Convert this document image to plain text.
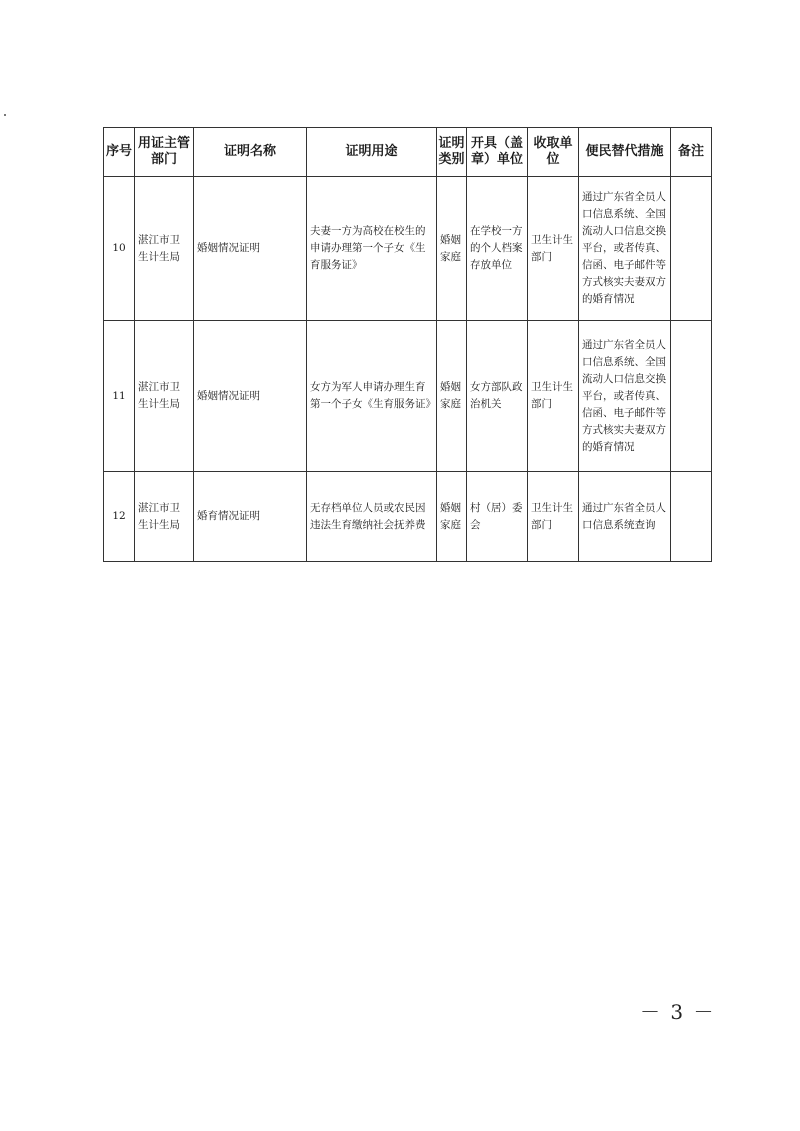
序号	用证主管部门	证明名称	证明用途	证明类别	开具（盖章）单位	收取单位	便民替代措施	备注
10	湛江市卫生计生局	婚姻情况证明	夫妻一方为高校在校生的申请办理第一个子女《生育服务证》	婚姻家庭	在学校一方的个人档案存放单位	卫生计生部门	通过广东省全员人口信息系统、全国流动人口信息交换平台，或者传真、信函、电子邮件等方式核实夫妻双方的婚育情况	
11	湛江市卫生计生局	婚姻情况证明	女方为军人申请办理生育第一个子女《生育服务证》	婚姻家庭	女方部队政治机关	卫生计生部门	通过广东省全员人口信息系统、全国流动人口信息交换平台，或者传真、信函、电子邮件等方式核实夫妻双方的婚育情况	
12	湛江市卫生计生局	婚育情况证明	无存档单位人员或农民因违法生育缴纳社会抚养费	婚姻家庭	村（居）委会	卫生计生部门	通过广东省全员人口信息系统查询	
－ 3 －
